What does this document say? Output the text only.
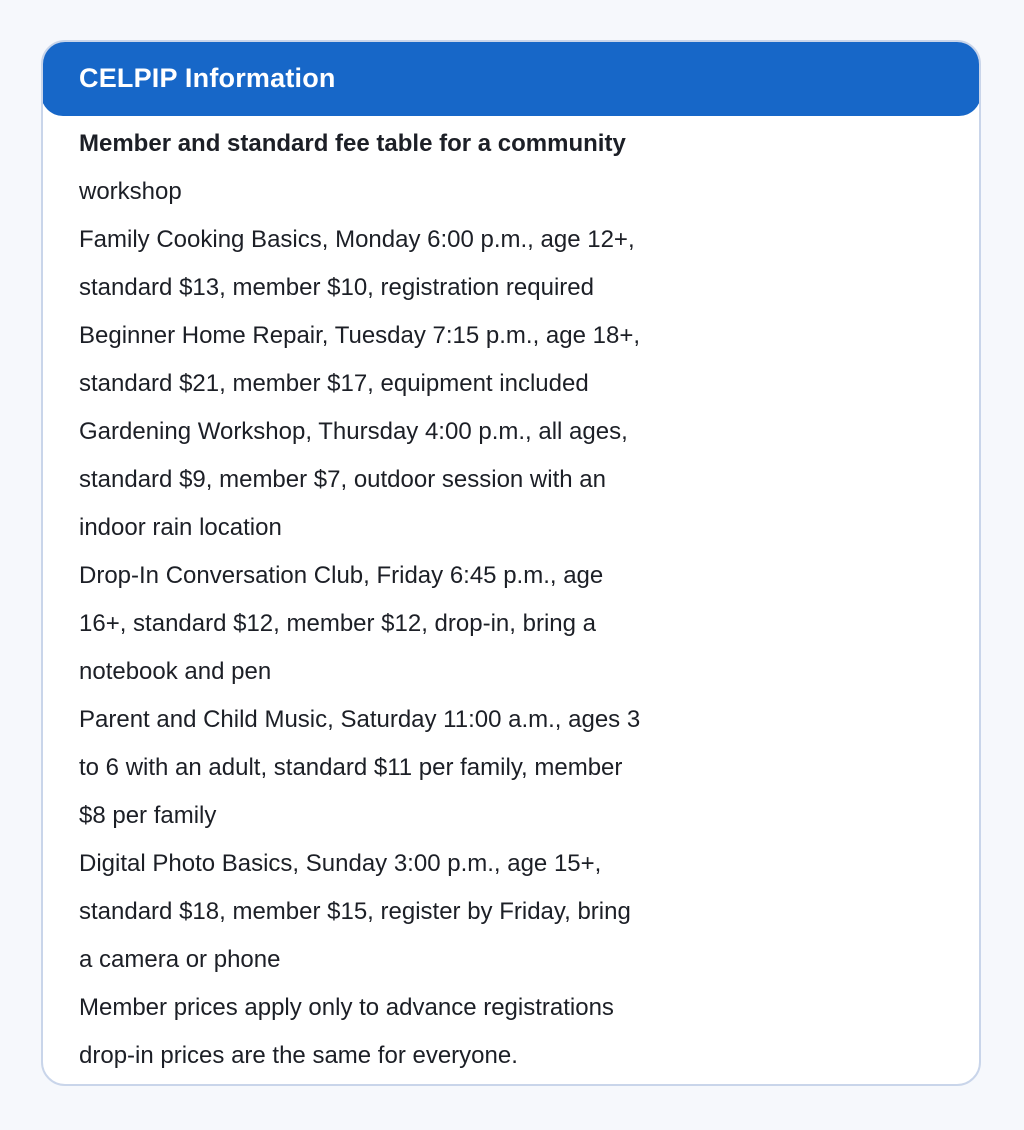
CELPIP Information
Member and standard fee table for a community
workshop
Family Cooking Basics, Monday 6:00 p.m., age 12+,
standard $13, member $10, registration required
Beginner Home Repair, Tuesday 7:15 p.m., age 18+,
standard $21, member $17, equipment included
Gardening Workshop, Thursday 4:00 p.m., all ages,
standard $9, member $7, outdoor session with an
indoor rain location
Drop-In Conversation Club, Friday 6:45 p.m., age
16+, standard $12, member $12, drop-in, bring a
notebook and pen
Parent and Child Music, Saturday 11:00 a.m., ages 3
to 6 with an adult, standard $11 per family, member
$8 per family
Digital Photo Basics, Sunday 3:00 p.m., age 15+,
standard $18, member $15, register by Friday, bring
a camera or phone
Member prices apply only to advance registrations
drop-in prices are the same for everyone.
